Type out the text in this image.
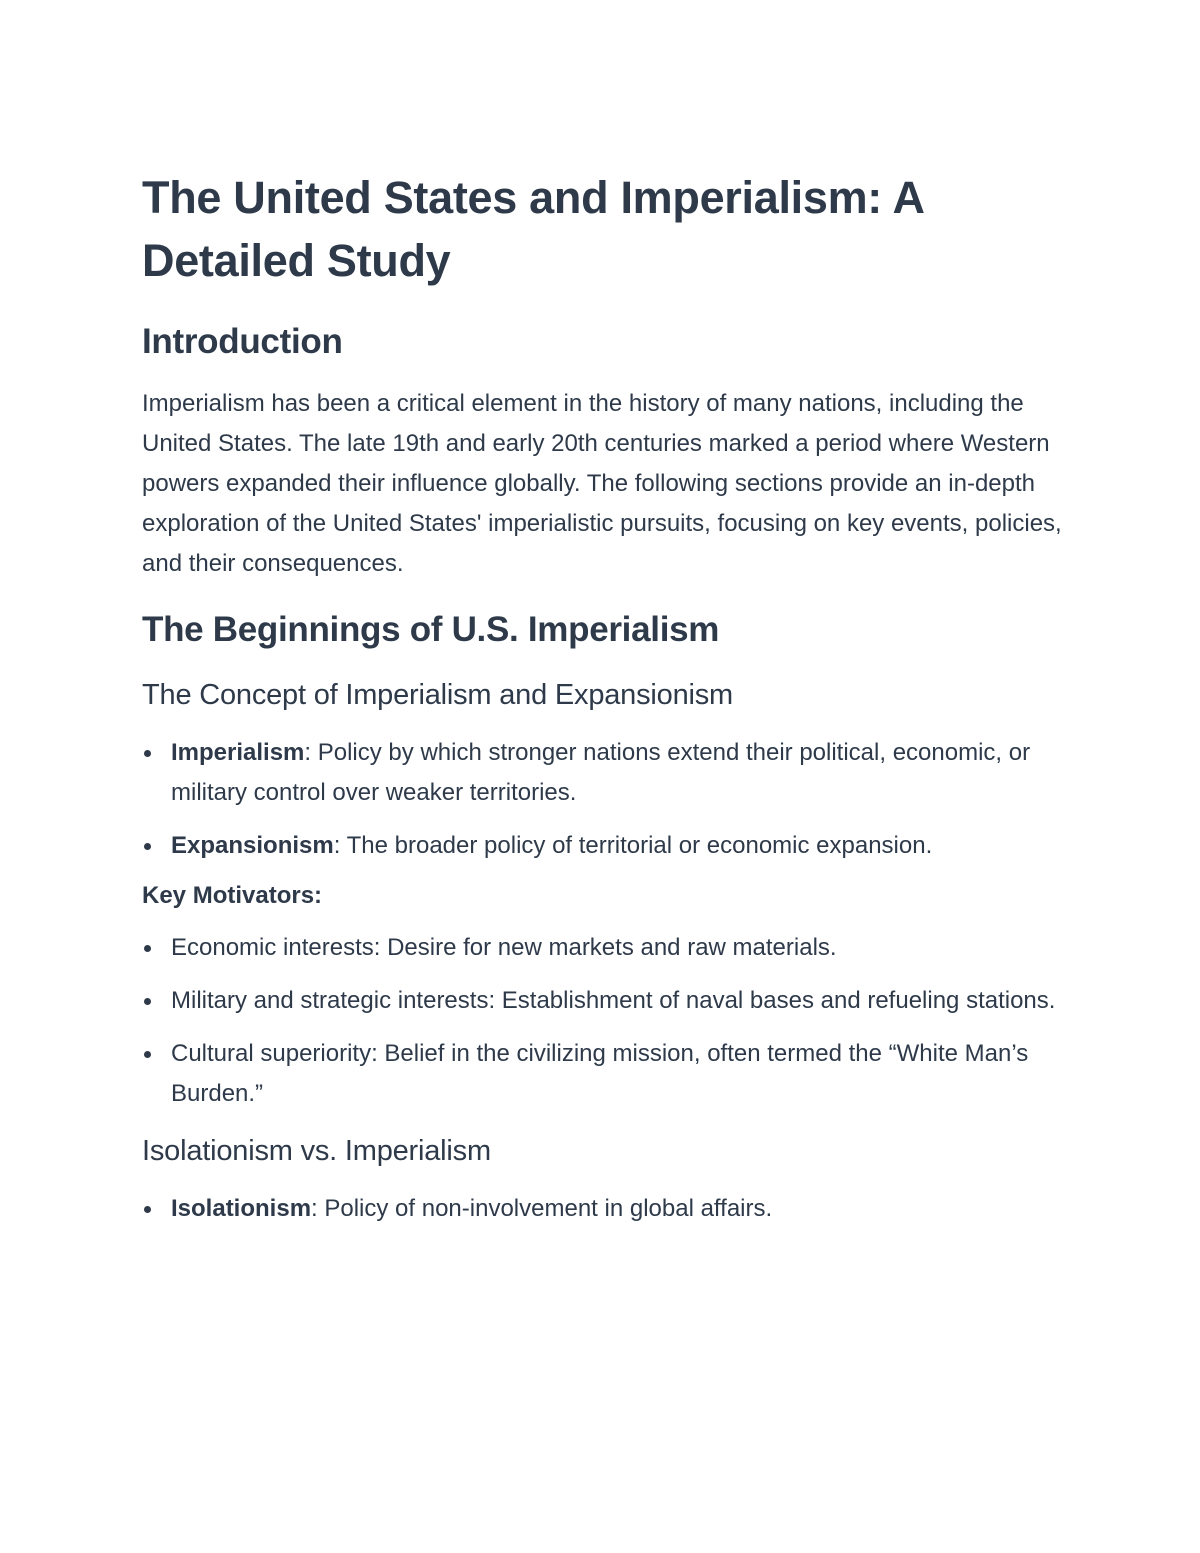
The United States and Imperialism: A Detailed Study
Introduction

Imperialism has been a critical element in the history of many nations, including the United States. The late 19th and early 20th centuries marked a period where Western powers expanded their influence globally. The following sections provide an in-depth exploration of the United States' imperialistic pursuits, focusing on key events, policies, and their consequences.

The Beginnings of U.S. Imperialism
The Concept of Imperialism and Expansionism
Imperialism: Policy by which stronger nations extend their political, economic, or military control over weaker territories.
Expansionism: The broader policy of territorial or economic expansion.
Key Motivators:
Economic interests: Desire for new markets and raw materials.
Military and strategic interests: Establishment of naval bases and refueling stations.
Cultural superiority: Belief in the civilizing mission, often termed the “White Man’s Burden.”
Isolationism vs. Imperialism
Isolationism: Policy of non-involvement in global affairs.
